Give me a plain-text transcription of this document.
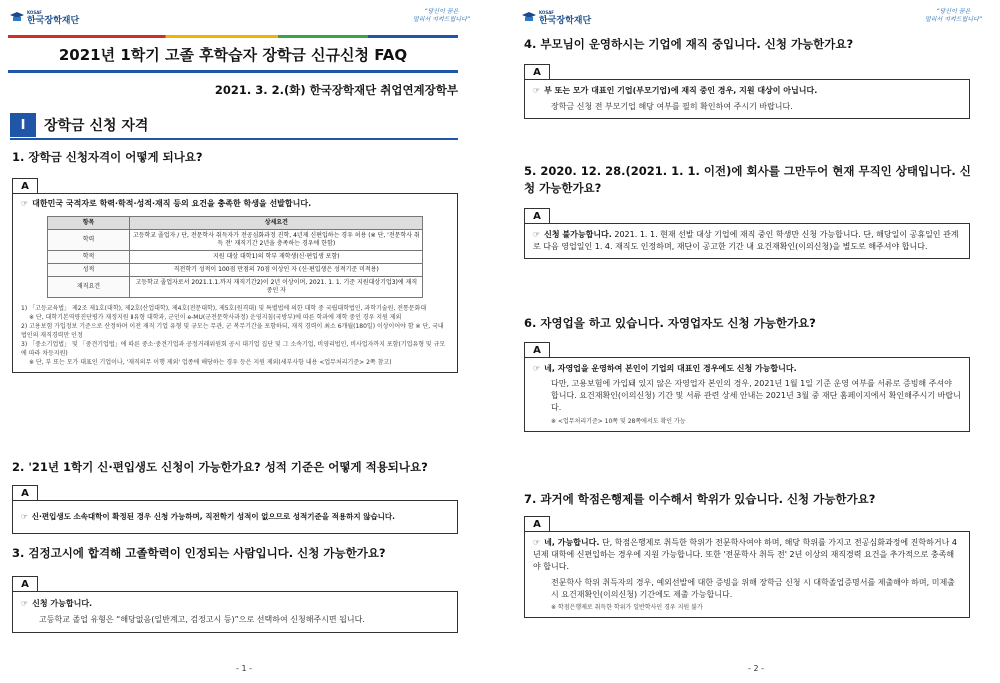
KOSAF
한국장학재단
“당신이 꿈은
멀리서 지켜드립니다”
2021년 1학기 고졸 후학습자 장학금 신규신청 FAQ
2021. 3. 2.(화) 한국장학재단 취업연계장학부
I	장학금 신청 자격
1. 장학금 신청자격이 어떻게 되나요?
A
☞ 대한민국 국적자로 학력·학적·성적·재직 등의 요건을 충족한 학생을 선발합니다.
항목	상세요건
학력	고등학교 졸업자 / 단, 전문학사 취득자가 전공심화과정 진학, 4년제 신편입하는 경우 허용 (※ 단, '전문학사 취득 전' 재직기간 2년을 충족하는 경우에 한함)
학적	지원 대상 대학1)의 학부 재학생(신·편입생 포함)
성적	직전학기 성적이 100점 만점의 70점 이상인 자 (신·편입생은 성적기준 미적용)
재직요건	고등학교 졸업자로서 2021.1.1.까지 재직기간2)이 2년 이상이며, 2021. 1. 1. 기준 지원대상기업3)에 재직 중인 자
1) 「고등교육법」 제2조 제1호(대학), 제2호(산업대학), 제4호(전문대학), 제5호(원격대) 및 특별법에 의한 대학 중 국립대학법인, 과학기술원, 전통문화대
※ 단, 대학기본역량진단평가 재정지원 Ⅱ유형 대학과, 군인이 e-MU(군전문학사과정) 운영지침(국방부)에 따른 학과에 재학 중인 경우 지원 제외
2) 고용보험 가입정보 기준으로 산정하며 이전 재직 기업 유형 및 규모는 무관, 군 복무기간을 포함하되, 재직 경력이 최소 6개월(180일) 이상이어야 함 ※ 단, 국내 법인의 재직경력만 인정
3) 「중소기업법」 및 「중견기업법」에 따른 중소·중견기업과 공정거래위원회 공시 대기업 집단 및 그 소속기업, 비영리법인, 비사업자까지 포함(기업유형 및 규모에 따라 차등지원)
※ 단, 부 또는 모가 대표인 기업이나, '재직의무 이행 제외' 업종에 해당하는 경우 등은 지원 제외(세부사항 내용 <업무처리기준> 2쪽 참고)
2. '21년 1학기 신·편입생도 신청이 가능한가요? 성적 기준은 어떻게 적용되나요?
A
☞ 신·편입생도 소속대학이 확정된 경우 신청 가능하며, 직전학기 성적이 없으므로 성적기준을 적용하지 않습니다.
3. 검정고시에 합격해 고졸학력이 인정되는 사람입니다. 신청 가능한가요?
A
☞ 신청 가능합니다.
고등학교 졸업 유형은 “해당없음(일반계고, 검정고시 등)”으로 선택하여 신청해주시면 됩니다.
- 1 -
KOSAF
한국장학재단
“당신이 꿈은
멀리서 지켜드립니다”
4. 부모님이 운영하시는 기업에 재직 중입니다. 신청 가능한가요?
A
☞ 부 또는 모가 대표인 기업(부모기업)에 재직 중인 경우, 지원 대상이 아닙니다.
장학금 신청 전 부모기업 해당 여부를 필히 확인하여 주시기 바랍니다.
5. 2020. 12. 28.(2021. 1. 1. 이전)에 회사를 그만두어 현재 무직인 상태입니다. 신청 가능한가요?
A
☞ 신청 불가능합니다. 2021. 1. 1. 현재 선발 대상 기업에 재직 중인 학생만 신청 가능합니다. 단, 해당일이 공휴일인 관계로 다음 영업일인 1. 4. 재직도 인정하며, 재단이 공고한 기간 내 요건재확인(이의신청)을 별도로 해주셔야 합니다.
6. 자영업을 하고 있습니다. 자영업자도 신청 가능한가요?
A
☞ 네, 자영업을 운영하여 본인이 기업의 대표인 경우에도 신청 가능합니다.
다만, 고용보험에 가입돼 있지 않은 자영업자 본인의 경우, 2021년 1월 1일 기준 운영 여부를 서류로 증빙해 주셔야 합니다. 요건재확인(이의신청) 기간 및 서류 관련 상세 안내는 2021년 3월 중 재단 홈페이지에서 확인해주시기 바랍니다.
※ <업무처리기준> 10쪽 및 28쪽에서도 확인 가능
7. 과거에 학점은행제를 이수해서 학위가 있습니다. 신청 가능한가요?
A
☞ 네, 가능합니다. 단, 학점은행제로 취득한 학위가 전문학사여야 하며, 해당 학위를 가지고 전공심화과정에 진학하거나 4년제 대학에 신편입하는 경우에 지원 가능합니다. 또한 '전문학사 취득 전' 2년 이상의 재직경력 요건을 추가적으로 충족해야 합니다.
전문학사 학위 취득자의 경우, 예외선발에 대한 증빙을 위해 장학금 신청 시 대학졸업증명서를 제출해야 하며, 미제출 시 요건재확인(이의신청) 기간에도 제출 가능합니다.
※ 학점은행제로 취득한 학위가 일반학사인 경우 지원 불가
- 2 -
